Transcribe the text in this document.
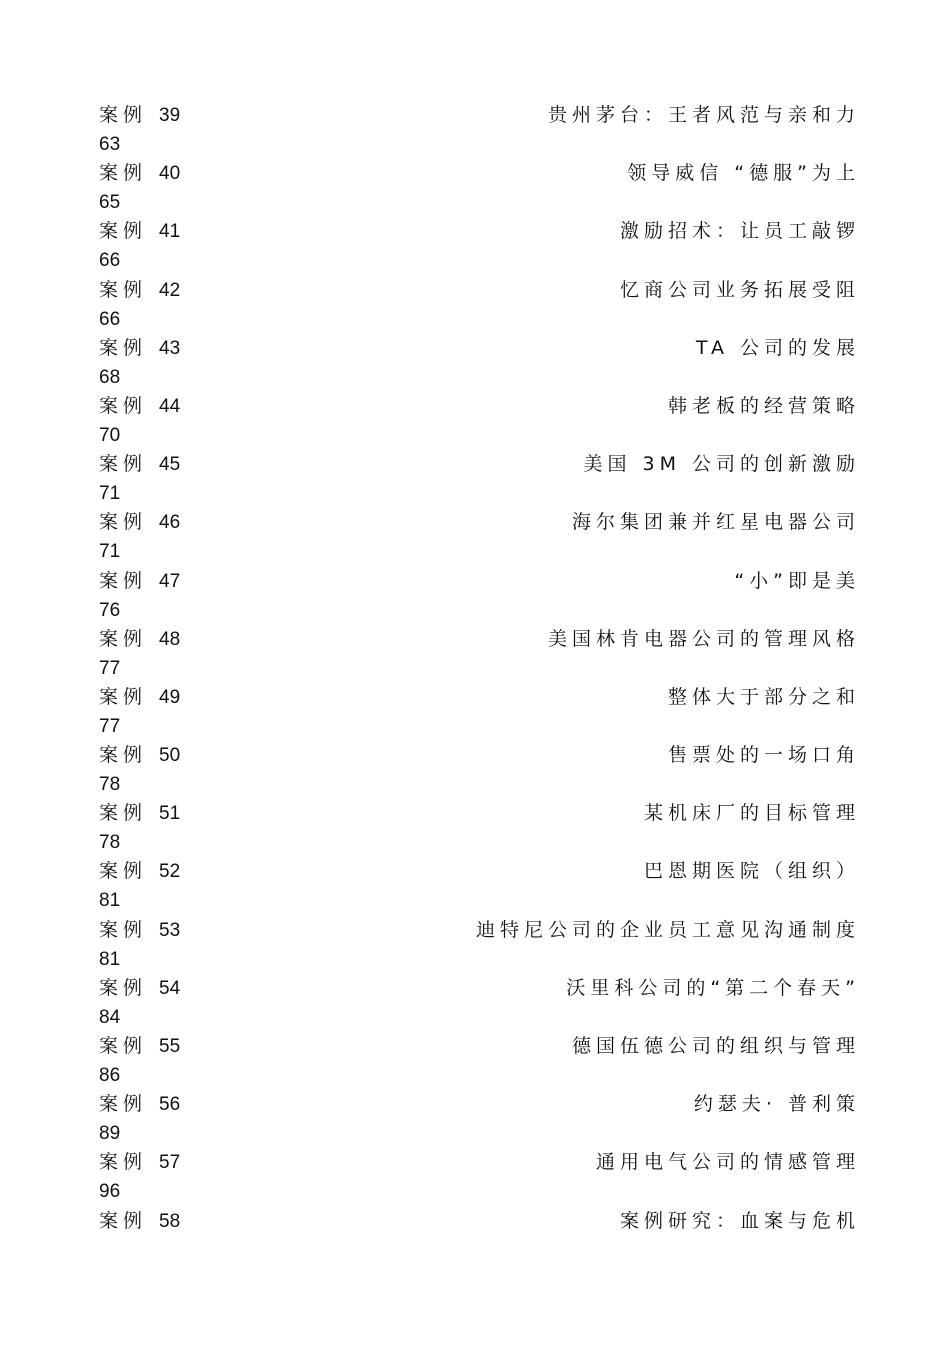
案例 39	贵州茅台：王者风范与亲和力
63
案例 40	领导威信 “德服”为上
65
案例 41	激励招术：让员工敲锣
66
案例 42	忆商公司业务拓展受阻
66
案例 43	TA 公司的发展
68
案例 44	韩老板的经营策略
70
案例 45	美国 3M 公司的创新激励
71
案例 46	海尔集团兼并红星电器公司
71
案例 47	“小”即是美
76
案例 48	美国林肯电器公司的管理风格
77
案例 49	整体大于部分之和
77
案例 50	售票处的一场口角
78
案例 51	某机床厂的目标管理
78
案例 52	巴恩期医院（组织）
81
案例 53	迪特尼公司的企业员工意见沟通制度
81
案例 54	沃里科公司的“第二个春天”
84
案例 55	德国伍德公司的组织与管理
86
案例 56	约瑟夫· 普利策
89
案例 57	通用电气公司的情感管理
96
案例 58	案例研究：血案与危机
